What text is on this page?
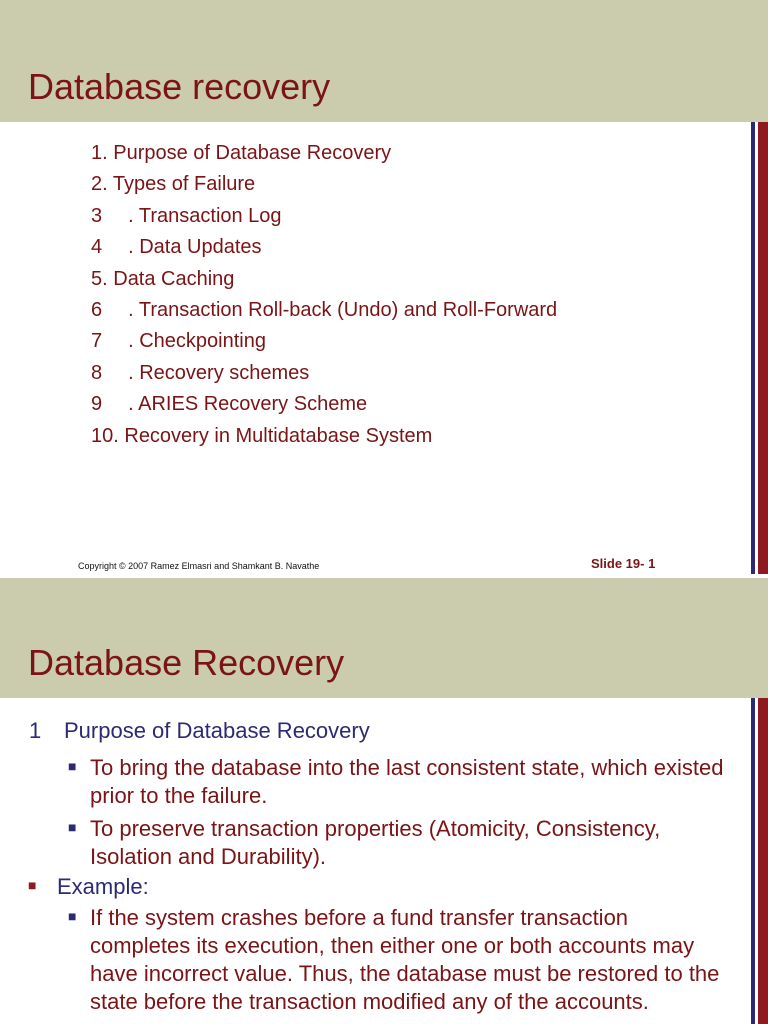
Database recovery
1. Purpose of Database Recovery
2. Types of Failure
3 . Transaction Log
4 . Data Updates
5. Data Caching
6 . Transaction Roll-back (Undo) and Roll-Forward
7 . Checkpointing
8 . Recovery schemes
9 . ARIES Recovery Scheme
10. Recovery in Multidatabase System
Copyright © 2007 Ramez Elmasri and Shamkant B. Navathe	Slide 19- 1
Database Recovery
1 Purpose of Database Recovery
■ To bring the database into the last consistent state, which existed prior to the failure.
■ To preserve transaction properties (Atomicity, Consistency, Isolation and Durability).
■ Example:
■ If the system crashes before a fund transfer transaction completes its execution, then either one or both accounts may have incorrect value. Thus, the database must be restored to the state before the transaction modified any of the accounts.
